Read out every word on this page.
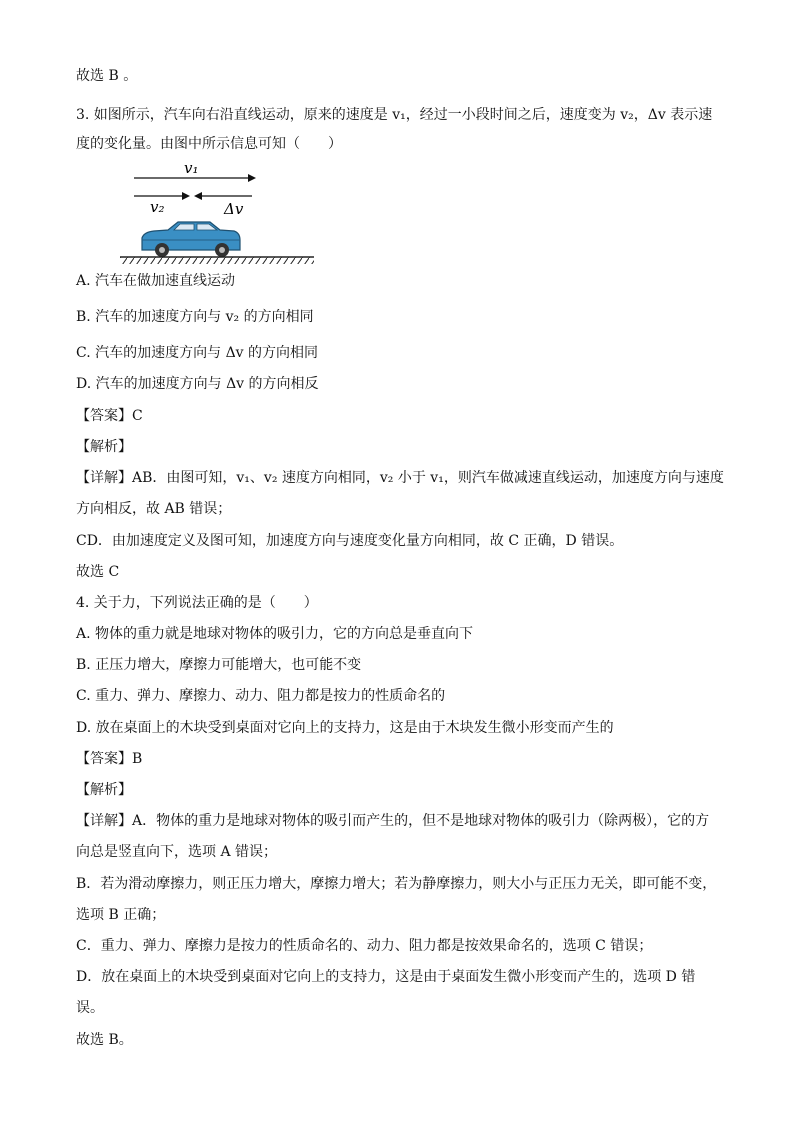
故选 B 。
3. 如图所示，汽车向右沿直线运动，原来的速度是 v₁，经过一小段时间之后，速度变为 v₂，Δv 表示速
度的变化量。由图中所示信息可知（　　）
v₁
v₂	Δv
A. 汽车在做加速直线运动
B. 汽车的加速度方向与 v₂ 的方向相同
C. 汽车的加速度方向与 Δv 的方向相同
D. 汽车的加速度方向与 Δv 的方向相反
【答案】C
【解析】
【详解】AB．由图可知，v₁、v₂ 速度方向相同，v₂ 小于 v₁，则汽车做减速直线运动，加速度方向与速度
方向相反，故 AB 错误；
CD．由加速度定义及图可知，加速度方向与速度变化量方向相同，故 C 正确，D 错误。
故选 C
4. 关于力，下列说法正确的是（　　）
A. 物体的重力就是地球对物体的吸引力，它的方向总是垂直向下
B. 正压力增大，摩擦力可能增大，也可能不变
C. 重力、弹力、摩擦力、动力、阻力都是按力的性质命名的
D. 放在桌面上的木块受到桌面对它向上的支持力，这是由于木块发生微小形变而产生的
【答案】B
【解析】
【详解】A．物体的重力是地球对物体的吸引而产生的，但不是地球对物体的吸引力（除两极），它的方
向总是竖直向下，选项 A 错误；
B．若为滑动摩擦力，则正压力增大，摩擦力增大；若为静摩擦力，则大小与正压力无关，即可能不变，
选项 B 正确；
C．重力、弹力、摩擦力是按力的性质命名的、动力、阻力都是按效果命名的，选项 C 错误；
D．放在桌面上的木块受到桌面对它向上的支持力，这是由于桌面发生微小形变而产生的，选项 D 错
误。
故选 B。
